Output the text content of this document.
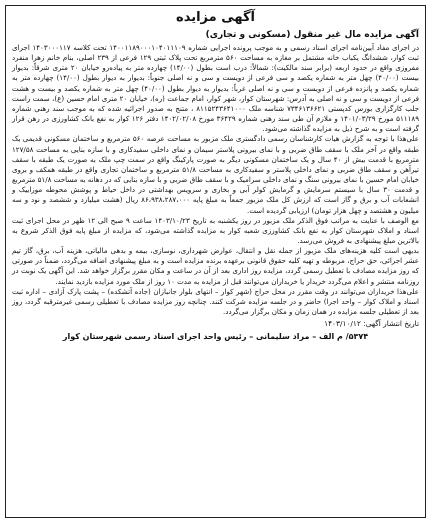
آگهی مزایده
آگهی مزایده مال غیر منقول (مسکونی و تجاری)

در اجرای مفاد آیین‌نامه اجرای اسناد رسمی و به موجب پرونده اجرایی شماره ۱۴۰۰۱۱۸۹۰۰۰۱۰۴۰۱۱۱۰۹ تحت کلاسه ۱۴۰۳۰۰۰۱۱۷ اجرای ثبت کوار، ششدانگ یکباب خانه مشتمل بر مغازه به مساحت ۵۶۰ مترمربع تحت پلاک ثبتی ۱۲۹ فرعی از ۲۳۹ اصلی، بنام خانم زهرا منفرد مفروزی واقع در حدود اربعه (برابر سند مالکیت): شمالاً: درب است بطول (۱۴/۰۰) چهارده متر به پیاده‌رو خیابان ۲۰ متری شرقاً: بدیوار بیست (۴۰/۰۰) چهل متر به شماره یکصد و سی فرعی از دویست و سی و نه اصلی جنوباً: بدیوار به دیوار بطول (۱۴/۰۰) چهارده متر به شماره یکصد و پانزده فرعی از دویست و سی و نه اصلی غرباً: بدیوار به دیوار بطول (۴۰/۰۰) چهل متر به شماره یکصد و بیست و هشت فرعی از دویست و سی و نه اصلی به آدرس: شهرستان کوار، شهر کوار، امام جماعت (ره)، خیابان ۲۰ متری امام حسین (ع)، سمت راست جلب کارگزاری بورس کدپستی ۷۳۴۶۱۳۶۶۲۱ شناسه ملک ۸۱۱۵۲۴۳۶۴۱۰۰۰ ، متنج به صدور اجرائیه شده که به موجب سند رهنی شماره ۵۱۱۱۸۹ مورخ ۱۴۰۱/۰۳/۲۹ و ملازم آن طی سند رهنی شماره ۳۶۴۲۹ مورخ ۱۴۰۲/۰۲/۰۸ دفتر ۱۲۶ کوار به نفع بانک کشاورزی در رهن قرار گرفته است و به شرح ذیل به مزایده گذاشته می‌شود.

علی‌هذا با توجه به گزارش هیات کارشناسان رسمی دادگستری ملک مزبور به مساحت عرصه ۵۶۰ مترمربع و ساختمان مسکونی قدیمی یک طبقه واقع در آخر ملک با سقف طاق ضربی و با نمای بیرونی پلاستر سیمان و نمای داخلی سفیدکاری و با سازه بنایی به مساحت ۱۲۷/۵۸ مترمربع با قدمت بیش از ۴۰ سال و یک ساختمان مسکونی دیگر به صورت پارکینگ واقع در سمت چپ ملک به صورت یک طبقه با سقف تیرآهن و سقف طاق ضربی و نمای داخلی پلاستر و سفیدکاری به مساحت ۵۱/۸ مترمربع و ساختمان تجاری واقع در طبقه همکف و بروی خیابان امام حسین با نمای بیرونی سنگ و نمای داخلی سرامیک و با سقف طاق ضربی و با سازه بنایی که در دهانه به مساحت ۵۱/۸ مترمربع و قدمت ۳۰ سال با سیستم سرمایش و گرمایش کولر آبی و بخاری و سرویس بهداشتی در داخل حیاط و پوشش محوطه موزاییک و انشعابات آب و برق و گاز است که ارزش کل ملک مزبور جمعاً به مبلغ پایه ۸۶،۹۳۸،۲۸۷،۰۰۰ ریال (هشت میلیارد و ششصد و نود و سه میلیون و هشتصد و چهل هزار تومان) ارزیابی گردیده است.

مع الوصف با عنایت به مراتب فوق الذکر ملک مزبور در روز یکشنبه به تاریخ ۱۴۰۳/۱۰/۲۳ ساعت ۹ صبح الی ۱۲ ظهر در محل اجرای ثبت اسناد و املاک شهرستان کوار به نفع بانک کشاورزی شعبه کوار به مزایده گذاشته می‌شود، که مزایده از مبلغ پایه فوق الذکر شروع به بالاترین مبلغ پیشنهادی به فروش می‌رسد.

بدیهی است کلیه هزینه‌های ملک مزبور از جمله نقل و انتقال، عوارض شهرداری، نوسازی، بیمه و بدهی مالیاتی، هزینه آب، برق، گاز تیم عشر اجرائی، حق حراج، مربوطه و تهیه کلیه حقوق قانونی برعهده برنده مزایده است و به مبلغ پیشنهادی اضافه می‌گردد، ضمناً در صورتی که روز مزایده مصادف با تعطیل رسمی گردد، مزایده روز اداری بعد از آن در ساعت و مکان مقرر برگزار خواهد شد. این آگهی یک نوبت در روزنامه منتشر و اعلام می‌گردد خریدار یا خریداران می‌توانند قبل از مزایده به مدت ۱۰ روز از ملک مورد مزایده بازدید نمایند.

علی‌هذا خریداران می‌توانند در وقت مقرر در محل حراج (شهر کوار – انتهای بلوار جانبازان (جاده آتشکده) – پشت پارک آزادی – اداره ثبت اسناد و املاک کوار – واحد اجرا) حاضر و در جلسه مزایده شرکت کنند. چنانچه روز مزایده مصادف با تعطیلی رسمی غیرمترقبه گردد، روز بعد از تعطیلی جلسه مزایده در همان زمان و مکان برگزار می‌گردد.

تاریخ انتشار آگهی: ۱۴۰۳/۱۰/۱۲
۵۳۷۴/ م الف – مراد سلیمانی – رئیس واحد اجرای اسناد رسمی شهرستان کوار
